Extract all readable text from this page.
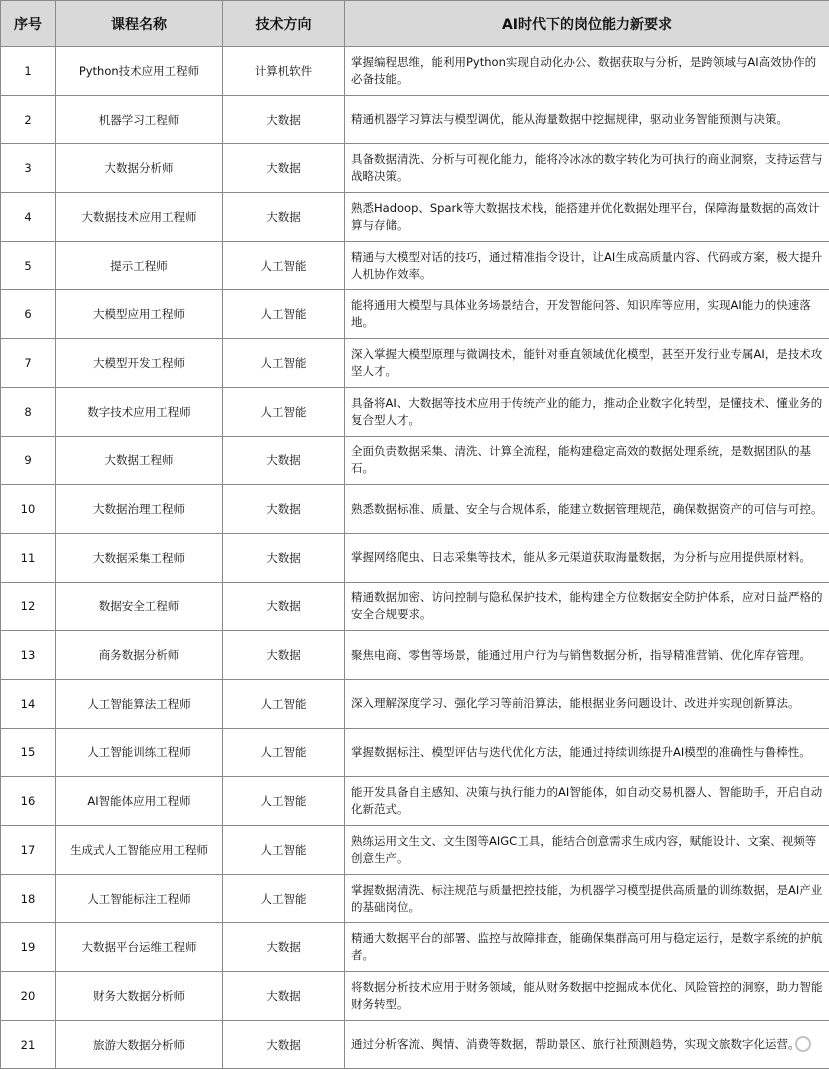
序号	课程名称	技术方向	AI时代下的岗位能力新要求
1	Python技术应用工程师	计算机软件	掌握编程思维，能利用Python实现自动化办公、数据获取与分析，是跨领域与AI高效协作的必备技能。
2	机器学习工程师	大数据	精通机器学习算法与模型调优，能从海量数据中挖掘规律，驱动业务智能预测与决策。
3	大数据分析师	大数据	具备数据清洗、分析与可视化能力，能将冷冰冰的数字转化为可执行的商业洞察，支持运营与战略决策。
4	大数据技术应用工程师	大数据	熟悉Hadoop、Spark等大数据技术栈，能搭建并优化数据处理平台，保障海量数据的高效计算与存储。
5	提示工程师	人工智能	精通与大模型对话的技巧，通过精准指令设计，让AI生成高质量内容、代码或方案，极大提升人机协作效率。
6	大模型应用工程师	人工智能	能将通用大模型与具体业务场景结合，开发智能问答、知识库等应用，实现AI能力的快速落地。
7	大模型开发工程师	人工智能	深入掌握大模型原理与微调技术，能针对垂直领域优化模型，甚至开发行业专属AI，是技术攻坚人才。
8	数字技术应用工程师	人工智能	具备将AI、大数据等技术应用于传统产业的能力，推动企业数字化转型，是懂技术、懂业务的复合型人才。
9	大数据工程师	大数据	全面负责数据采集、清洗、计算全流程，能构建稳定高效的数据处理系统，是数据团队的基石。
10	大数据治理工程师	大数据	熟悉数据标准、质量、安全与合规体系，能建立数据管理规范，确保数据资产的可信与可控。
11	大数据采集工程师	大数据	掌握网络爬虫、日志采集等技术，能从多元渠道获取海量数据，为分析与应用提供原材料。
12	数据安全工程师	大数据	精通数据加密、访问控制与隐私保护技术，能构建全方位数据安全防护体系，应对日益严格的安全合规要求。
13	商务数据分析师	大数据	聚焦电商、零售等场景，能通过用户行为与销售数据分析，指导精准营销、优化库存管理。
14	人工智能算法工程师	人工智能	深入理解深度学习、强化学习等前沿算法，能根据业务问题设计、改进并实现创新算法。
15	人工智能训练工程师	人工智能	掌握数据标注、模型评估与迭代优化方法，能通过持续训练提升AI模型的准确性与鲁棒性。
16	AI智能体应用工程师	人工智能	能开发具备自主感知、决策与执行能力的AI智能体，如自动交易机器人、智能助手，开启自动化新范式。
17	生成式人工智能应用工程师	人工智能	熟练运用文生文、文生图等AIGC工具，能结合创意需求生成内容，赋能设计、文案、视频等创意生产。
18	人工智能标注工程师	人工智能	掌握数据清洗、标注规范与质量把控技能，为机器学习模型提供高质量的训练数据，是AI产业的基础岗位。
19	大数据平台运维工程师	大数据	精通大数据平台的部署、监控与故障排查，能确保集群高可用与稳定运行，是数字系统的护航者。
20	财务大数据分析师	大数据	将数据分析技术应用于财务领域，能从财务数据中挖掘成本优化、风险管控的洞察，助力智能财务转型。
21	旅游大数据分析师	大数据	通过分析客流、舆情、消费等数据，帮助景区、旅行社预测趋势，实现文旅数字化运营。
